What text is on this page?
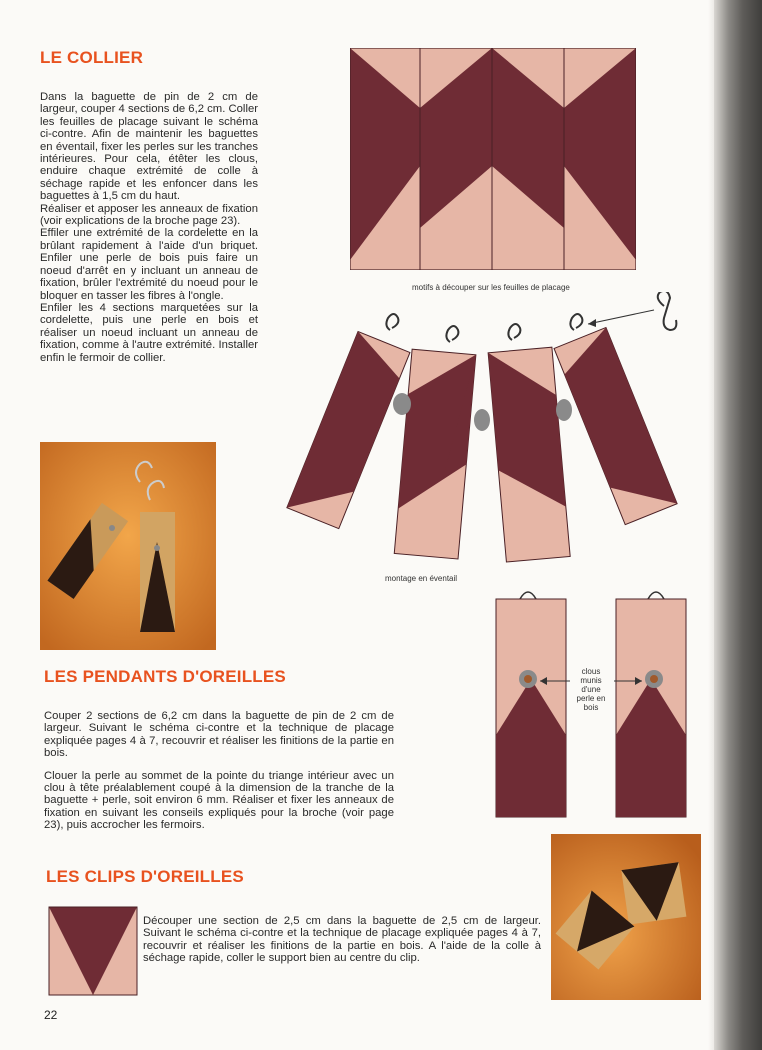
LE COLLIER

Dans la baguette de pin de 2 cm de largeur, couper 4 sections de 6,2 cm. Coller les feuilles de placage suivant le schéma ci-contre. Afin de maintenir les baguettes en éventail, fixer les perles sur les tranches intérieures. Pour cela, étêter les clous, enduire chaque extrémité de colle à séchage rapide et les enfoncer dans les baguettes à 1,5 cm du haut.

Réaliser et apposer les anneaux de fixation (voir explications de la broche page 23).

Effiler une extrémité de la cordelette en la brûlant rapidement à l'aide d'un briquet. Enfiler une perle de bois puis faire un noeud d'arrêt en y incluant un anneau de fixation, brûler l'extrémité du noeud pour le bloquer en tasser les fibres à l'ongle.

Enfiler les 4 sections marquetées sur la cordelette, puis une perle en bois et réaliser un noeud incluant un anneau de fixation, comme à l'autre extrémité. Installer enfin le fermoir de collier.

motifs à découper sur les feuilles de placage
montage en éventail
LES PENDANTS D'OREILLES

Couper 2 sections de 6,2 cm dans la baguette de pin de 2 cm de largeur. Suivant le schéma ci-contre et la technique de placage expliquée pages 4 à 7, recouvrir et réaliser les finitions de la partie en bois.

Clouer la perle au sommet de la pointe du triange intérieur avec un clou à tête préalablement coupé à la dimension de la tranche de la baguette + perle, soit environ 6 mm. Réaliser et fixer les anneaux de fixation en suivant les conseils expliqués pour la broche (voir page 23), puis accrocher les fermoirs.

clous
munis
d'une
perle en
bois
LES CLIPS D'OREILLES

Découper une section de 2,5 cm dans la baguette de 2,5 cm de largeur. Suivant le schéma ci-contre et la technique de placage expliquée pages 4 à 7, recouvrir et réaliser les finitions de la partie en bois. A l'aide de la colle à séchage rapide, coller le support bien au centre du clip.

22
